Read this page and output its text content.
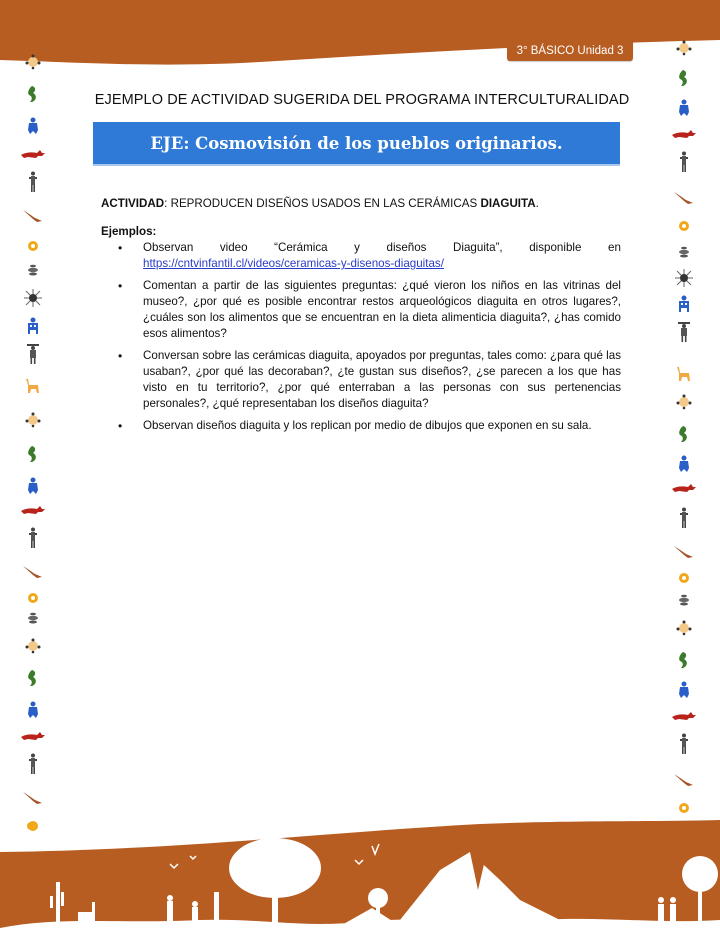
3° BÁSICO Unidad 3
EJEMPLO DE ACTIVIDAD SUGERIDA DEL PROGRAMA INTERCULTURALIDAD
EJE: Cosmovisión de los pueblos originarios.
ACTIVIDAD: REPRODUCEN DISEÑOS USADOS EN LAS CERÁMICAS DIAGUITA.
Ejemplos:
• Observan video “Cerámica y diseños Diaguita”, disponible en
https://cntvinfantil.cl/videos/ceramicas-y-disenos-diaguitas/
• Comentan a partir de las siguientes preguntas: ¿qué vieron los niños en las vitrinas del museo?, ¿por qué es posible encontrar restos arqueológicos diaguita en otros lugares?, ¿cuáles son los alimentos que se encuentran en la dieta alimenticia diaguita?, ¿has comido esos alimentos?
• Conversan sobre las cerámicas diaguita, apoyados por preguntas, tales como: ¿para qué las usaban?, ¿por qué las decoraban?, ¿te gustan sus diseños?, ¿se parecen a los que has visto en tu territorio?, ¿por qué enterraban a las personas con sus pertenencias personales?, ¿qué representaban los diseños diaguita?
• Observan diseños diaguita y los replican por medio de dibujos que exponen en su sala.
